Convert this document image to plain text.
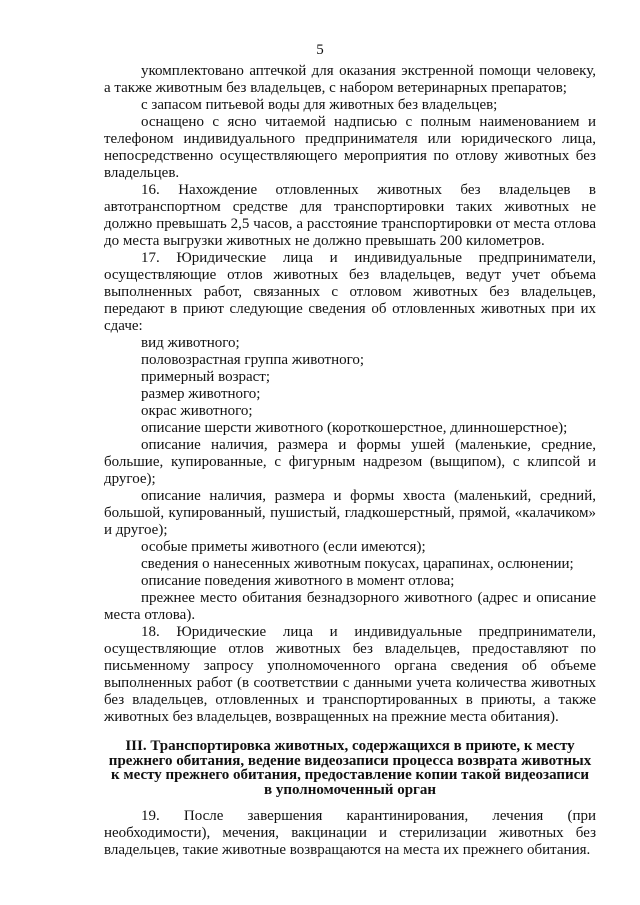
5

укомплектовано аптечкой для оказания экстренной помощи человеку, а также животным без владельцев, с набором ветеринарных препаратов;

с запасом питьевой воды для животных без владельцев;

оснащено с ясно читаемой надписью с полным наименованием и телефоном индивидуального предпринимателя или юридического лица, непосредственно осуществляющего мероприятия по отлову животных без владельцев.

16. Нахождение отловленных животных без владельцев в автотранспортном средстве для транспортировки таких животных не должно превышать 2,5 часов, а расстояние транспортировки от места отлова до места выгрузки животных не должно превышать 200 километров.

17. Юридические лица и индивидуальные предприниматели, осуществляющие отлов животных без владельцев, ведут учет объема выполненных работ, связанных с отловом животных без владельцев, передают в приют следующие сведения об отловленных животных при их сдаче:

вид животного;

половозрастная группа животного;

примерный возраст;

размер животного;

окрас животного;

описание шерсти животного (короткошерстное, длинношерстное);

описание наличия, размера и формы ушей (маленькие, средние, большие, купированные, с фигурным надрезом (выщипом), с клипсой и другое);

описание наличия, размера и формы хвоста (маленький, средний, большой, купированный, пушистый, гладкошерстный, прямой, «калачиком» и другое);

особые приметы животного (если имеются);

сведения о нанесенных животным покусах, царапинах, ослюнении;

описание поведения животного в момент отлова;

прежнее место обитания безнадзорного животного (адрес и описание места отлова).

18. Юридические лица и индивидуальные предприниматели, осуществляющие отлов животных без владельцев, предоставляют по письменному запросу уполномоченного органа сведения об объеме выполненных работ (в соответствии с данными учета количества животных без владельцев, отловленных и транспортированных в приюты, а также животных без владельцев, возвращенных на прежние места обитания).

III. Транспортировка животных, содержащихся в приюте, к месту прежнего обитания, ведение видеозаписи процесса возврата животных к месту прежнего обитания, предоставление копии такой видеозаписи в уполномоченный орган

19. После завершения карантинирования, лечения (при необходимости), мечения, вакцинации и стерилизации животных без владельцев, такие животные возвращаются на места их прежнего обитания.
